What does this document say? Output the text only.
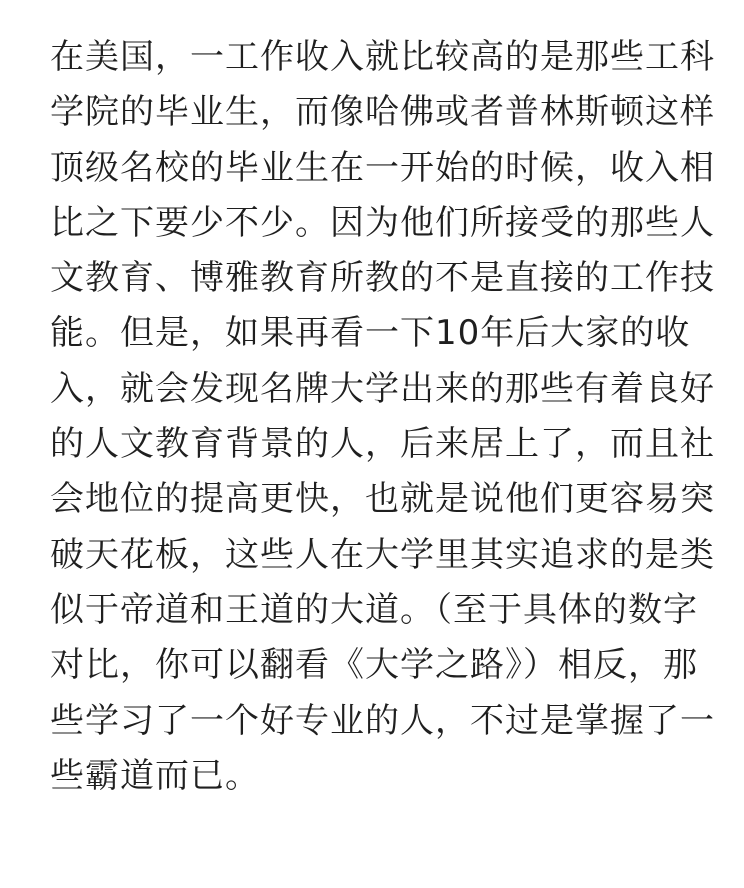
在美国，一工作收入就比较高的是那些工科
学院的毕业生，而像哈佛或者普林斯顿这样
顶级名校的毕业生在一开始的时候，收入相
比之下要少不少。因为他们所接受的那些人
文教育、博雅教育所教的不是直接的工作技
能。但是，如果再看一下10年后大家的收
入，就会发现名牌大学出来的那些有着良好
的人文教育背景的人，后来居上了，而且社
会地位的提高更快，也就是说他们更容易突
破天花板，这些人在大学里其实追求的是类
似于帝道和王道的大道。（至于具体的数字
对比，你可以翻看《大学之路》）相反，那
些学习了一个好专业的人，不过是掌握了一
些霸道而已。
